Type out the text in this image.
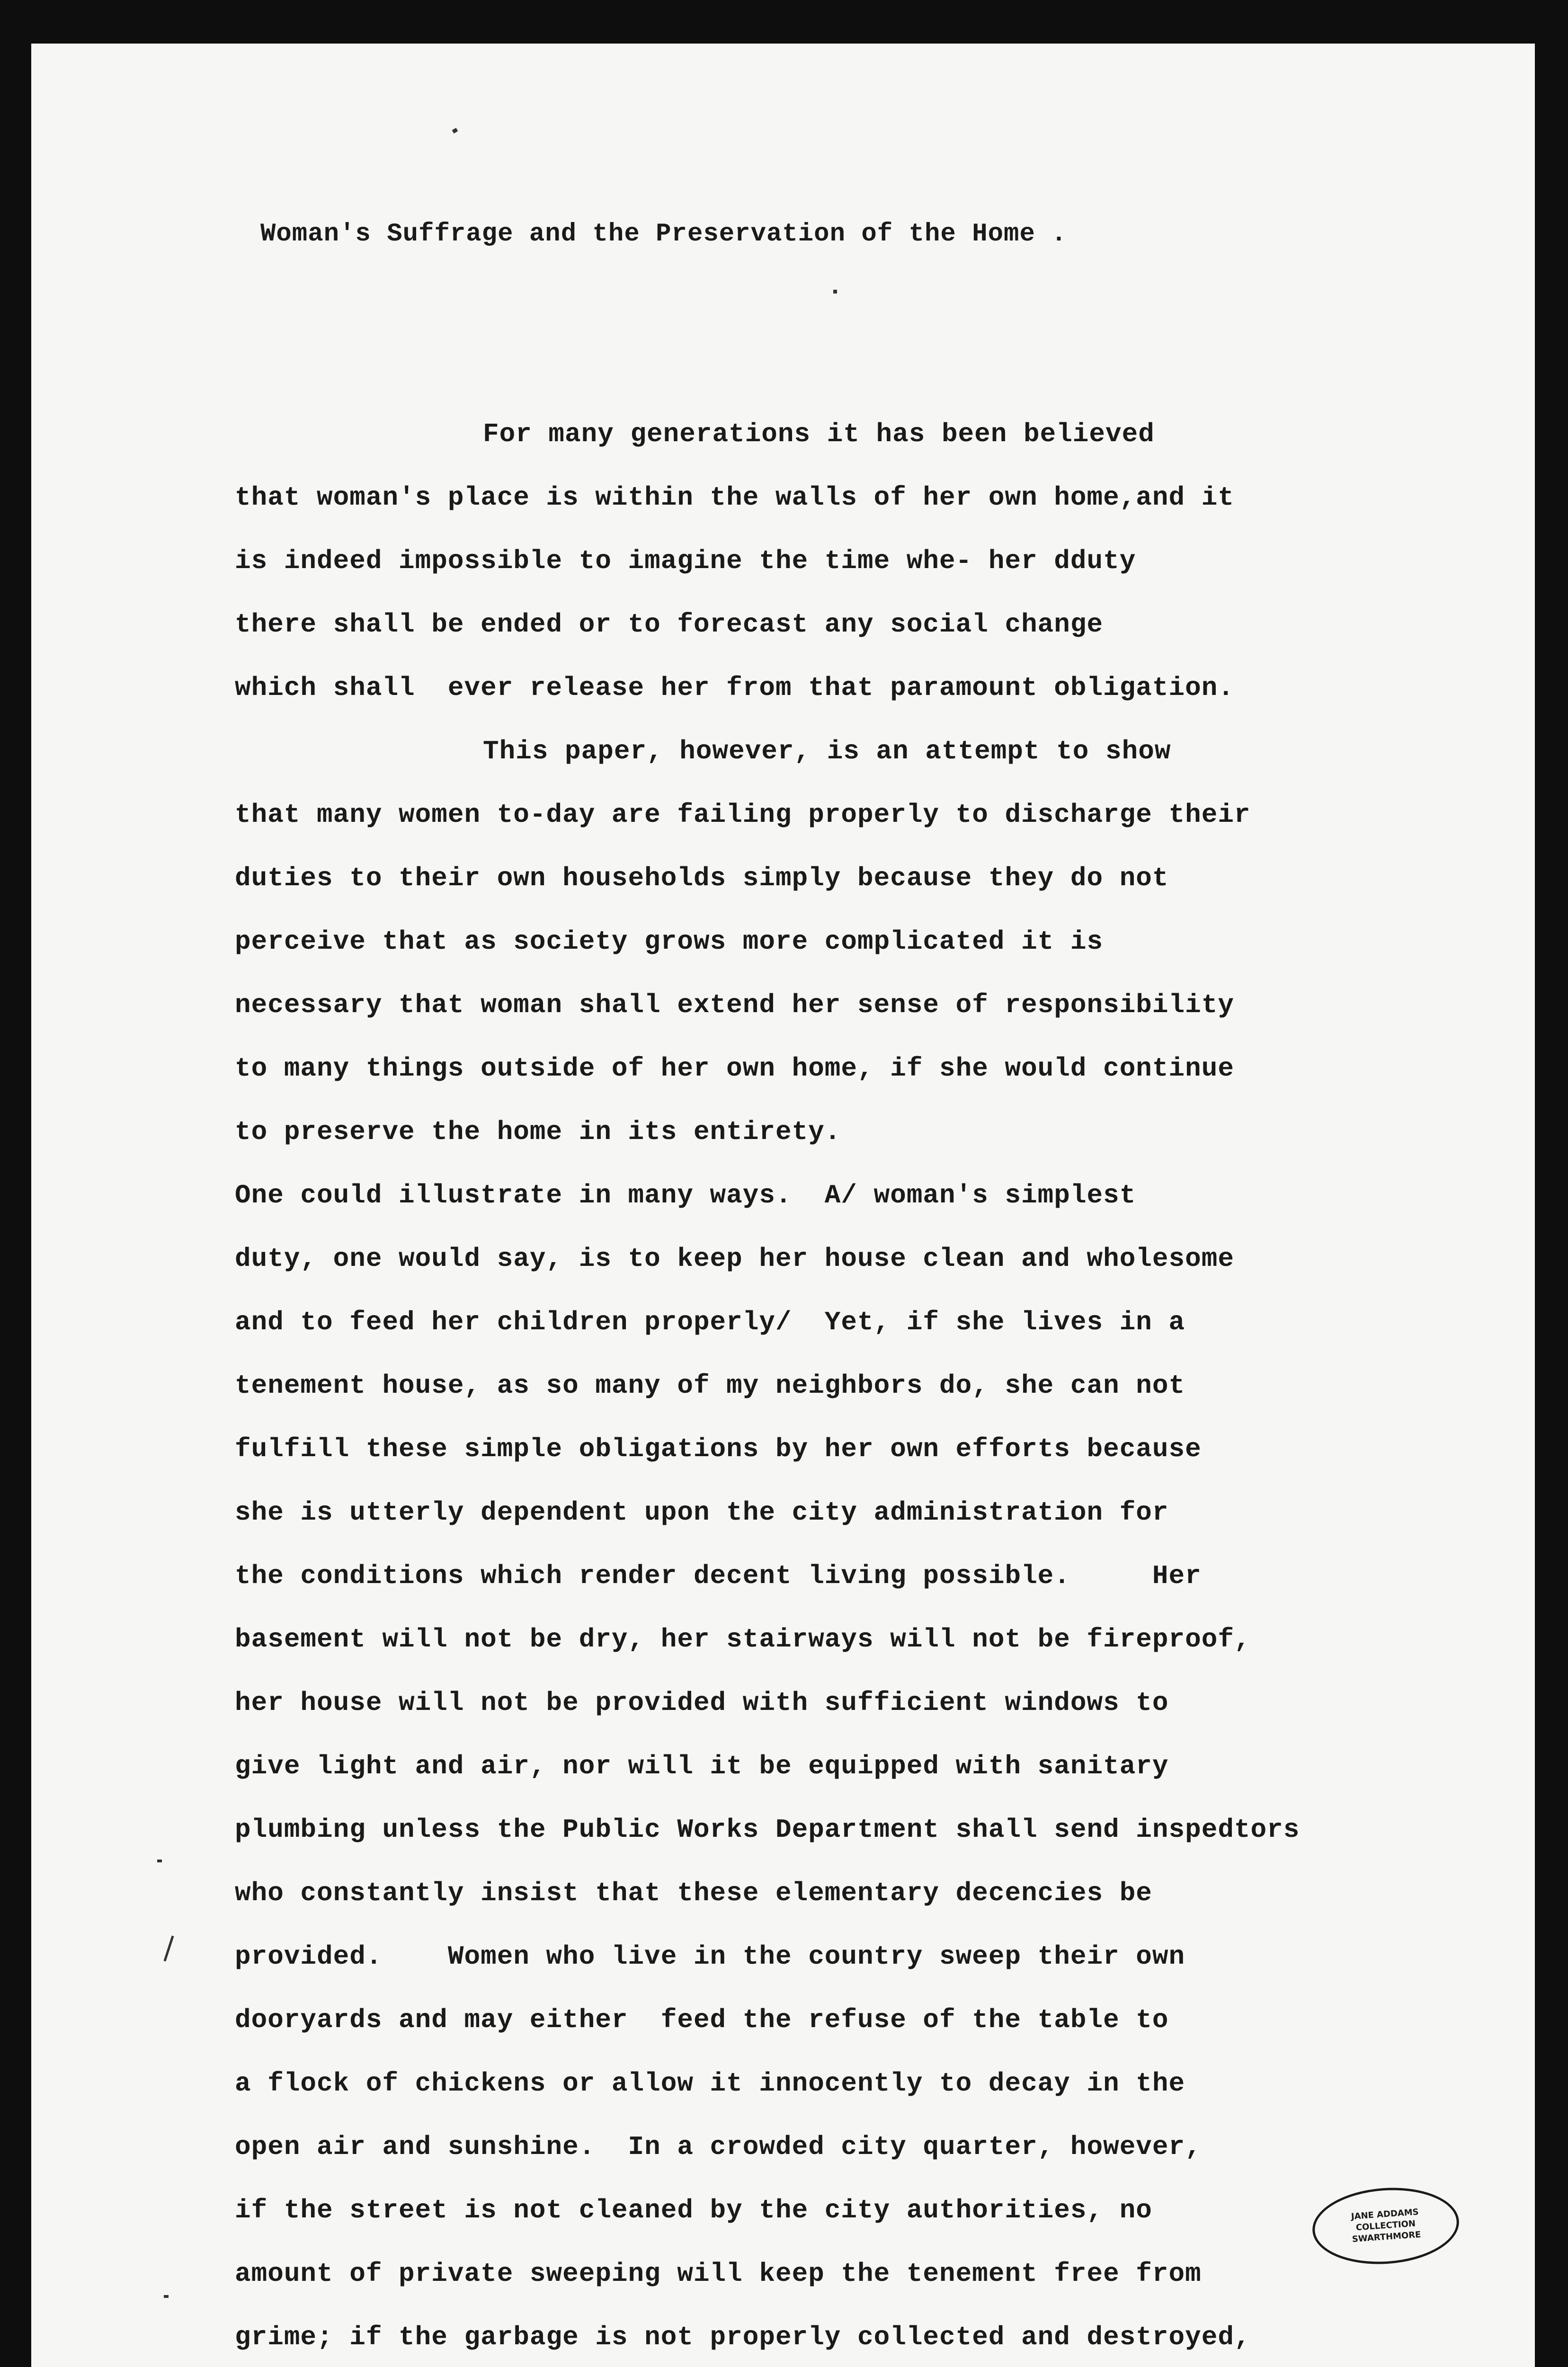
Woman's Suffrage and the Preservation of the Home .
For many generations it has been believed
that woman's place is within the walls of her own home,and it
is indeed impossible to imagine the time whe- her dduty
there shall be ended or to forecast any social change
which shall  ever release her from that paramount obligation.
This paper, however, is an attempt to show
that many women to-day are failing properly to discharge their
duties to their own households simply because they do not
perceive that as society grows more complicated it is
necessary that woman shall extend her sense of responsibility
to many things outside of her own home, if she would continue
to preserve the home in its entirety.
One could illustrate in many ways.  A/ woman's simplest
duty, one would say, is to keep her house clean and wholesome
and to feed her children properly/  Yet, if she lives in a
tenement house, as so many of my neighbors do, she can not
fulfill these simple obligations by her own efforts because
she is utterly dependent upon the city administration for
the conditions which render decent living possible.     Her
basement will not be dry, her stairways will not be fireproof,
her house will not be provided with sufficient windows to
give light and air, nor will it be equipped with sanitary
plumbing unless the Public Works Department shall send inspedtors
who constantly insist that these elementary decencies be
provided.    Women who live in the country sweep their own
dooryards and may either  feed the refuse of the table to
a flock of chickens or allow it innocently to decay in the
open air and sunshine.  In a crowded city quarter, however,
if the street is not cleaned by the city authorities, no
amount of private sweeping will keep the tenement free from
grime; if the garbage is not properly collected and destroyed,
JANE ADDAMS
COLLECTION
SWARTHMORE
